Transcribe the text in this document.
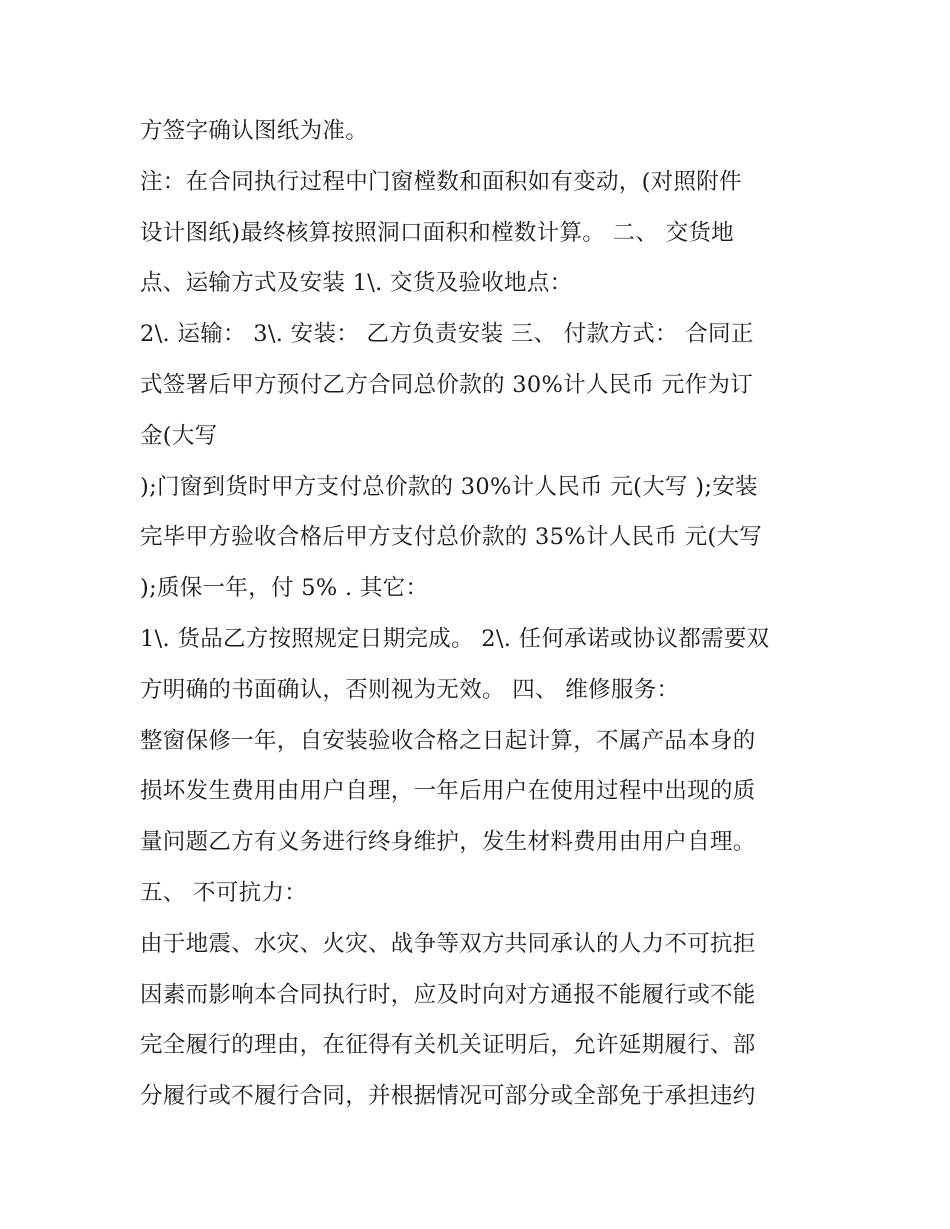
方签字确认图纸为准。
注：在合同执行过程中门窗樘数和面积如有变动，(对照附件
设计图纸)最终核算按照洞口面积和樘数计算。 二、 交货地
点、运输方式及安装 1\. 交货及验收地点：
2\. 运输： 3\. 安装： 乙方负责安装 三、 付款方式： 合同正
式签署后甲方预付乙方合同总价款的 30%计人民币 元作为订
金(大写
);门窗到货时甲方支付总价款的 30%计人民币 元(大写 );安装
完毕甲方验收合格后甲方支付总价款的 35%计人民币 元(大写
);质保一年，付 5% . 其它：
1\. 货品乙方按照规定日期完成。 2\. 任何承诺或协议都需要双
方明确的书面确认，否则视为无效。 四、 维修服务：
整窗保修一年，自安装验收合格之日起计算，不属产品本身的
损坏发生费用由用户自理，一年后用户在使用过程中出现的质
量问题乙方有义务进行终身维护，发生材料费用由用户自理。
五、 不可抗力：
由于地震、水灾、火灾、战争等双方共同承认的人力不可抗拒
因素而影响本合同执行时，应及时向对方通报不能履行或不能
完全履行的理由，在征得有关机关证明后，允许延期履行、部
分履行或不履行合同，并根据情况可部分或全部免于承担违约
